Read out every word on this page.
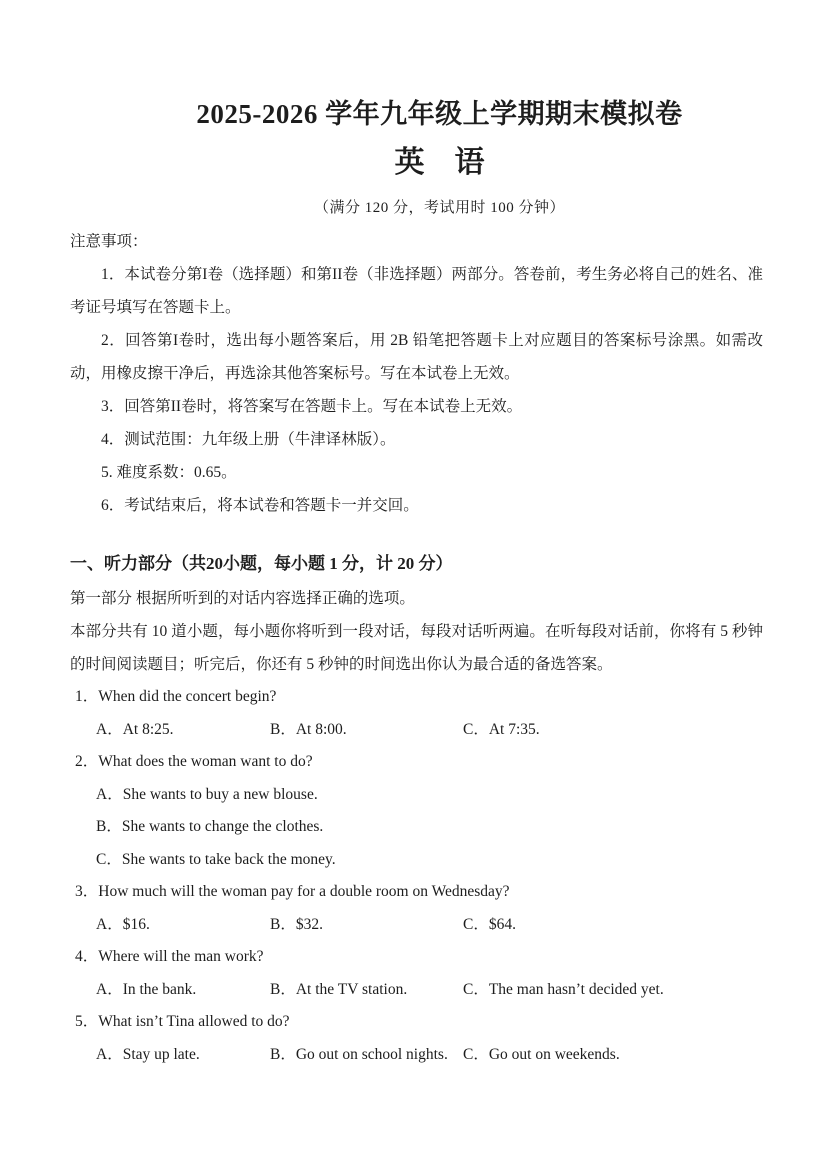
2025-2026 学年九年级上学期期末模拟卷
英　语
（满分 120 分，考试用时 100 分钟）

注意事项：

1．本试卷分第I卷（选择题）和第II卷（非选择题）两部分。答卷前，考生务必将自己的姓名、准考证号填写在答题卡上。

2．回答第I卷时，选出每小题答案后，用 2B 铅笔把答题卡上对应题目的答案标号涂黑。如需改动，用橡皮擦干净后，再选涂其他答案标号。写在本试卷上无效。

3．回答第II卷时，将答案写在答题卡上。写在本试卷上无效。

4．测试范围：九年级上册（牛津译林版）。

5. 难度系数：0.65。

6．考试结束后，将本试卷和答题卡一并交回。

一、听力部分（共20小题，每小题 1 分，计 20 分）

第一部分 根据所听到的对话内容选择正确的选项。

本部分共有 10 道小题，每小题你将听到一段对话，每段对话听两遍。在听每段对话前，你将有 5 秒钟的时间阅读题目；听完后，你还有 5 秒钟的时间选出你认为最合适的备选答案。

1．When did the concert begin?

A．At 8:25.	B．At 8:00.	C．At 7:35.

2．What does the woman want to do?

A．She wants to buy a new blouse.

B．She wants to change the clothes.

C．She wants to take back the money.

3．How much will the woman pay for a double room on Wednesday?

A．$16.	B．$32.	C．$64.

4．Where will the man work?

A．In the bank.	B．At the TV station.	C．The man hasn’t decided yet.

5．What isn’t Tina allowed to do?

A．Stay up late.	B．Go out on school nights. C．Go out on weekends.
